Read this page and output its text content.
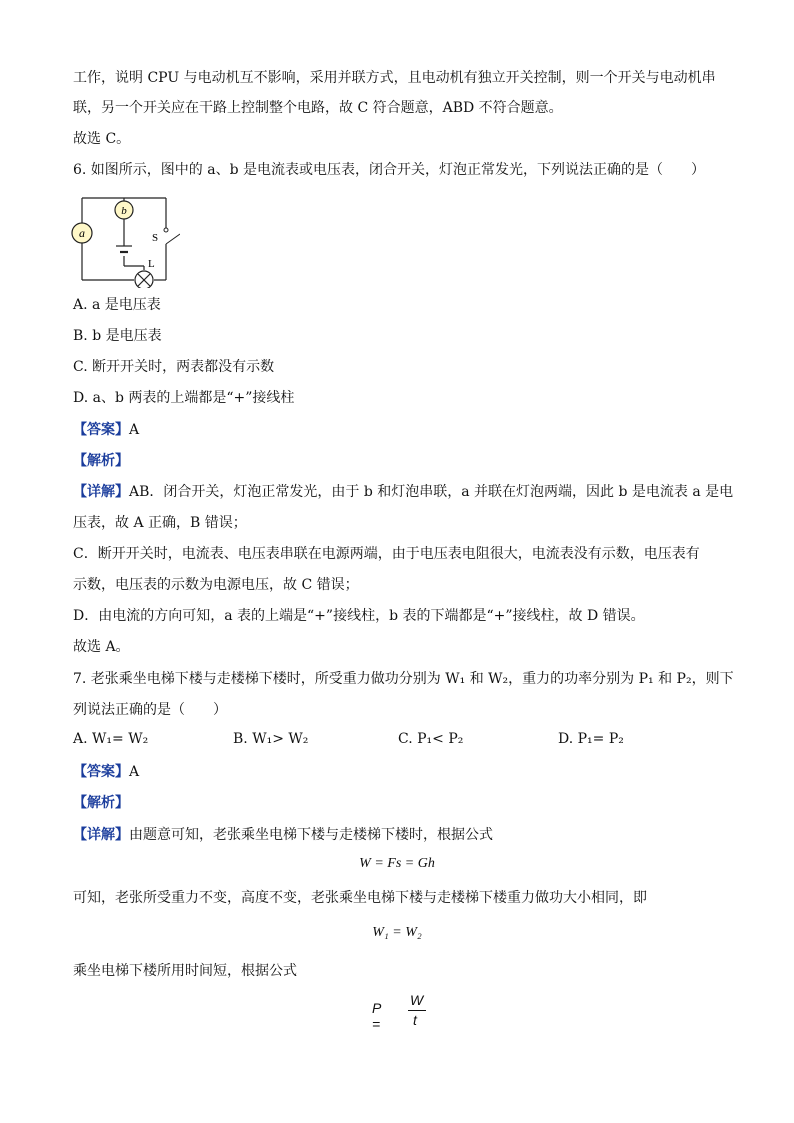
工作，说明 CPU 与电动机互不影响，采用并联方式，且电动机有独立开关控制，则一个开关与电动机串
联，另一个开关应在干路上控制整个电路，故 C 符合题意，ABD 不符合题意。
故选 C。
6. 如图所示，图中的 a、b 是电流表或电压表，闭合开关，灯泡正常发光，下列说法正确的是（　　）
a
b
S
L
A. a 是电压表
B. b 是电压表
C. 断开开关时，两表都没有示数
D. a、b 两表的上端都是“+”接线柱
【答案】A
【解析】
【详解】AB．闭合开关，灯泡正常发光，由于 b 和灯泡串联，a 并联在灯泡两端，因此 b 是电流表 a 是电
压表，故 A 正确，B 错误；
C．断开开关时，电流表、电压表串联在电源两端，由于电压表电阻很大，电流表没有示数，电压表有
示数，电压表的示数为电源电压，故 C 错误；
D．由电流的方向可知，a 表的上端是“+”接线柱，b 表的下端都是“+”接线柱，故 D 错误。
故选 A。
7. 老张乘坐电梯下楼与走楼梯下楼时，所受重力做功分别为 W₁ 和 W₂，重力的功率分别为 P₁ 和 P₂，则下
列说法正确的是（　　）
A. W₁= W₂	B. W₁> W₂	C. P₁< P₂	D. P₁= P₂
【答案】A
【解析】
【详解】由题意可知，老张乘坐电梯下楼与走楼梯下楼时，根据公式
W = Fs = Gh
可知，老张所受重力不变，高度不变，老张乘坐电梯下楼与走楼梯下楼重力做功大小相同，即
W₁ = W₂
乘坐电梯下楼所用时间短，根据公式
P =
W
t
